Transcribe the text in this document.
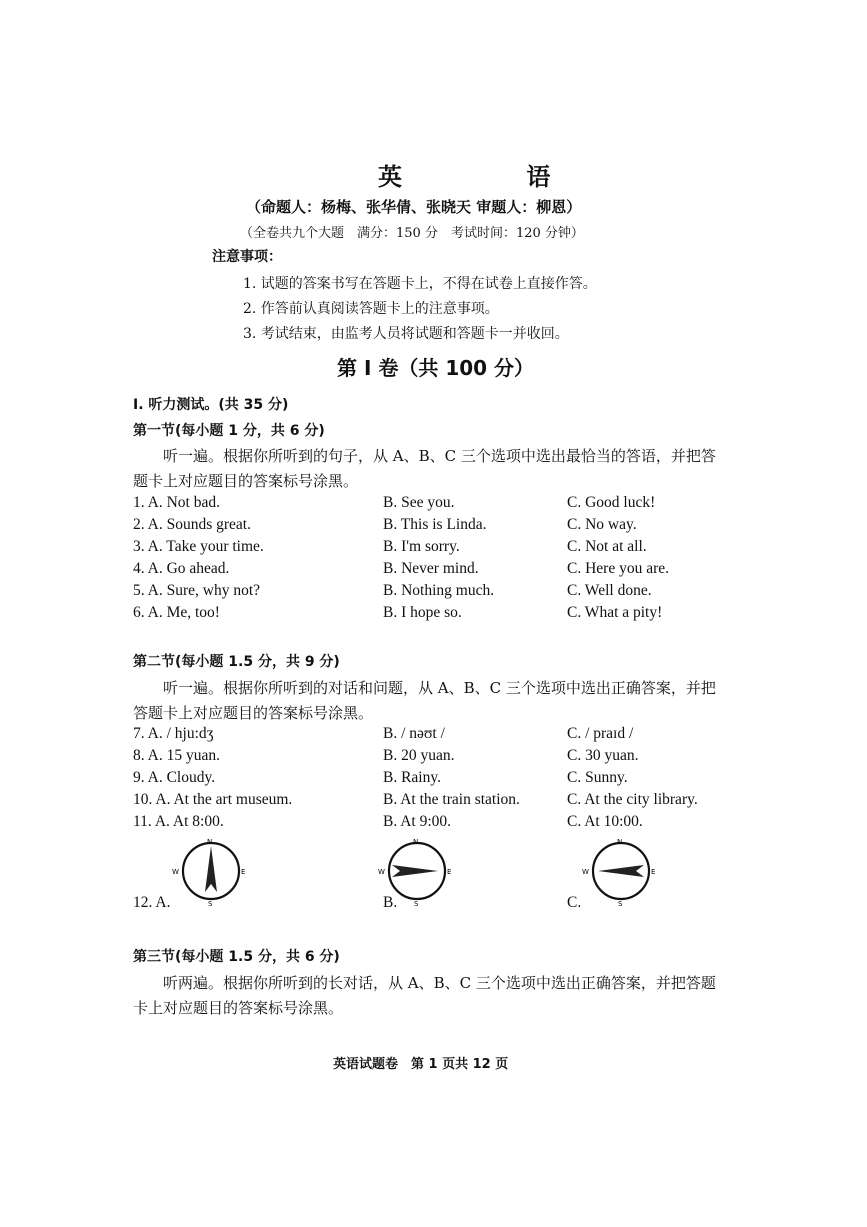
英 语
（命题人：杨梅、张华倩、张晓天 审题人：柳恩）
（全卷共九个大题　满分：150 分　考试时间：120 分钟）
注意事项：
1. 试题的答案书写在答题卡上，不得在试卷上直接作答。
2. 作答前认真阅读答题卡上的注意事项。
3. 考试结束，由监考人员将试题和答题卡一并收回。
第 I 卷（共 100 分）
I. 听力测试。(共 35 分)
第一节(每小题 1 分，共 6 分)
听一遍。根据你所听到的句子，从 A、B、C 三个选项中选出最恰当的答语，并把答
题卡上对应题目的答案标号涂黑。
1. A. Not bad.	B. See you.	C. Good luck!
2. A. Sounds great.	B. This is Linda.	C. No way.
3. A. Take your time.	B. I'm sorry.	C. Not at all.
4. A. Go ahead.	B. Never mind.	C. Here you are.
5. A. Sure, why not?	B. Nothing much.	C. Well done.
6. A. Me, too!	B. I hope so.	C. What a pity!
第二节(每小题 1.5 分，共 9 分)
听一遍。根据你所听到的对话和问题，从 A、B、C 三个选项中选出正确答案，并把
答题卡上对应题目的答案标号涂黑。
7. A. / hju:dʒ	B. / nəʊt /	C. / praɪd /
8. A. 15 yuan.	B. 20 yuan.	C. 30 yuan.
9. A. Cloudy.	B. Rainy.	C. Sunny.
10. A. At the art museum.	B. At the train station.	C. At the city library.
11. A. At 8:00.	B. At 9:00.	C. At 10:00.
N
S
W	E
N
S
W	E
N
S
W	E
12. A.	B.	C.
第三节(每小题 1.5 分，共 6 分)
听两遍。根据你所听到的长对话，从 A、B、C 三个选项中选出正确答案，并把答题
卡上对应题目的答案标号涂黑。
英语试题卷　第 1 页共 12 页
